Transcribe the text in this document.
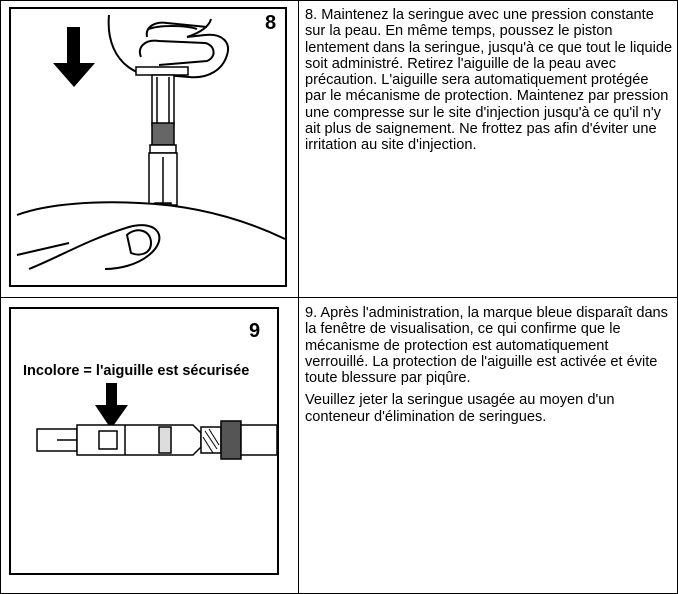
8 8. Maintenez la seringue avec une pression constante sur la peau. En même temps, poussez le piston lentement dans la seringue, jusqu'à ce que tout le liquide soit administré. Retirez l'aiguille de la peau avec précaution. L'aiguille sera automatiquement protégée par le mécanisme de protection. Maintenez par pression une compresse sur le site d'injection jusqu'à ce qu'il n'y ait plus de saignement. Ne frottez pas afin d'éviter une irritation au site d'injection.

9
Incolore = l'aiguille est sécurisée

9. Après l'administration, la marque bleue disparaît dans la fenêtre de visualisation, ce qui confirme que le mécanisme de protection est automatiquement verrouillé. La protection de l'aiguille est activée et évite toute blessure par piqûre.

Veuillez jeter la seringue usagée au moyen d'un conteneur d'élimination de seringues.
